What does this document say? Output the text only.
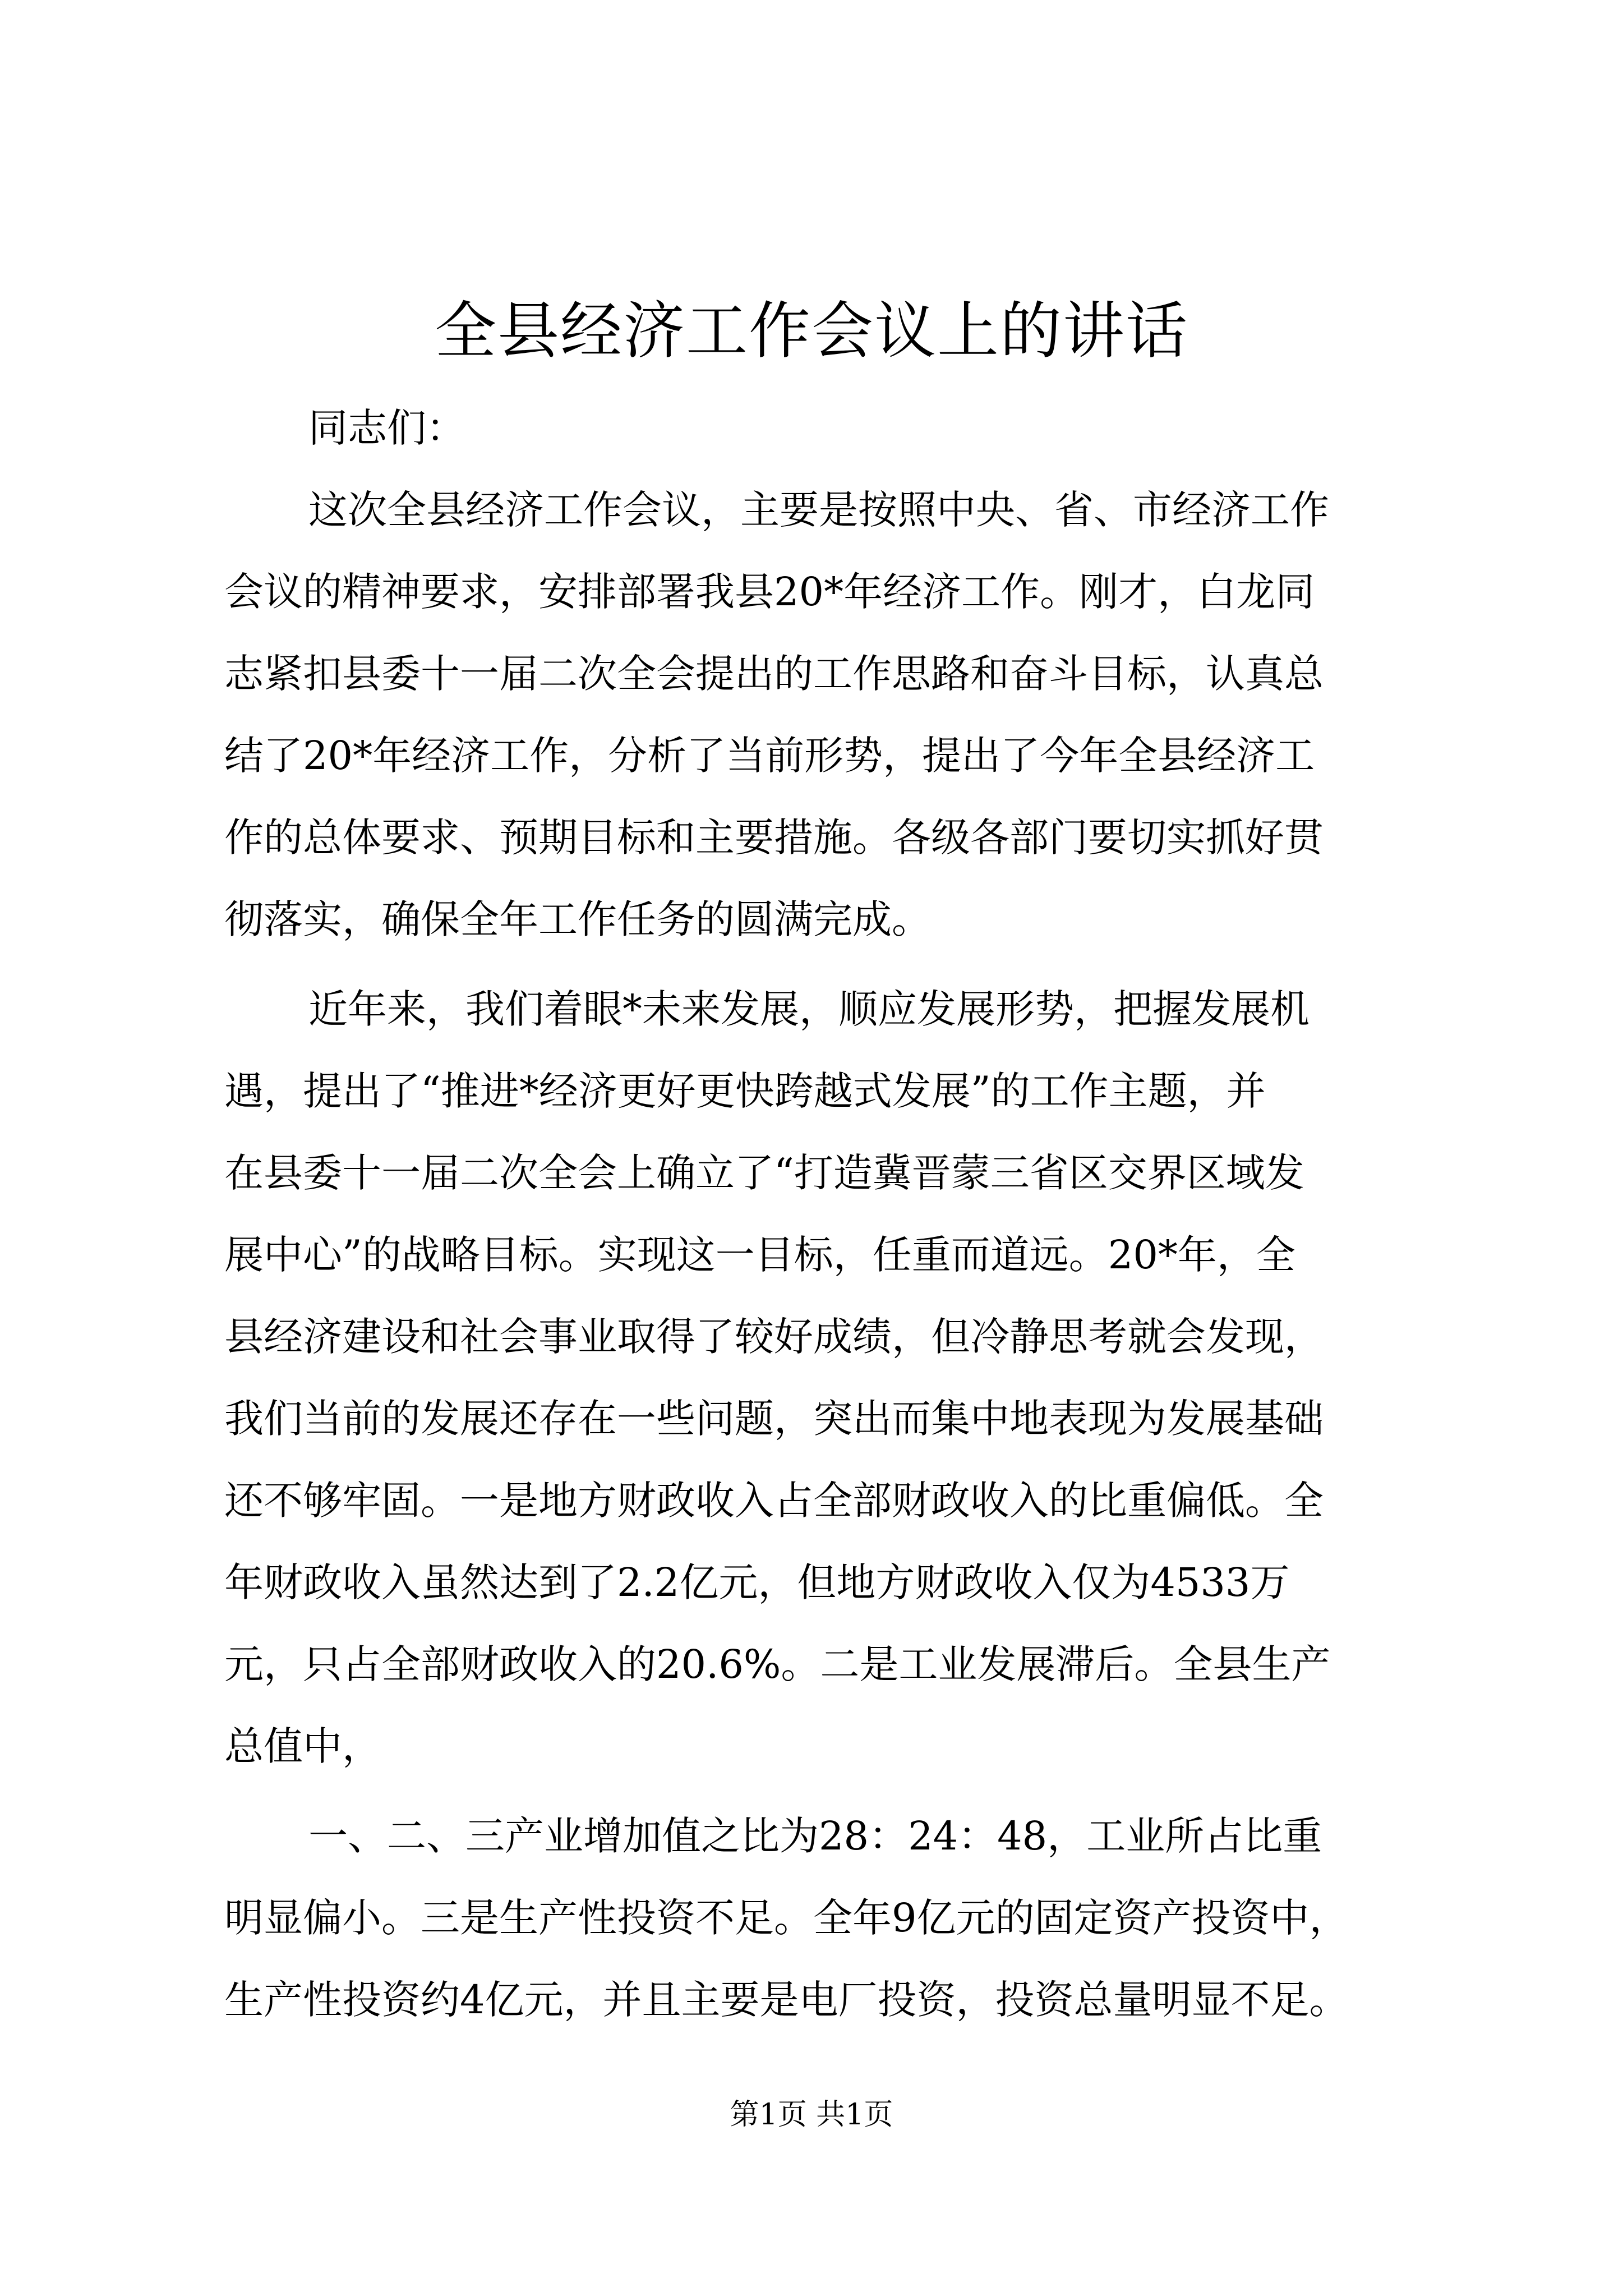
全县经济工作会议上的讲话
同志们：
这次全县经济工作会议，主要是按照中央、省、市经济工作
会议的精神要求，安排部署我县20*年经济工作。刚才，白龙同
志紧扣县委十一届二次全会提出的工作思路和奋斗目标，认真总
结了20*年经济工作，分析了当前形势，提出了今年全县经济工
作的总体要求、预期目标和主要措施。各级各部门要切实抓好贯
彻落实，确保全年工作任务的圆满完成。
近年来，我们着眼*未来发展，顺应发展形势，把握发展机
遇，提出了“推进*经济更好更快跨越式发展”的工作主题，并
在县委十一届二次全会上确立了“打造冀晋蒙三省区交界区域发
展中心”的战略目标。实现这一目标，任重而道远。20*年，全
县经济建设和社会事业取得了较好成绩，但冷静思考就会发现，
我们当前的发展还存在一些问题，突出而集中地表现为发展基础
还不够牢固。一是地方财政收入占全部财政收入的比重偏低。全
年财政收入虽然达到了2.2亿元，但地方财政收入仅为4533万
元，只占全部财政收入的20.6%。二是工业发展滞后。全县生产
总值中，
一、二、三产业增加值之比为28：24：48，工业所占比重
明显偏小。三是生产性投资不足。全年9亿元的固定资产投资中，
生产性投资约4亿元，并且主要是电厂投资，投资总量明显不足。
第1页 共1页
